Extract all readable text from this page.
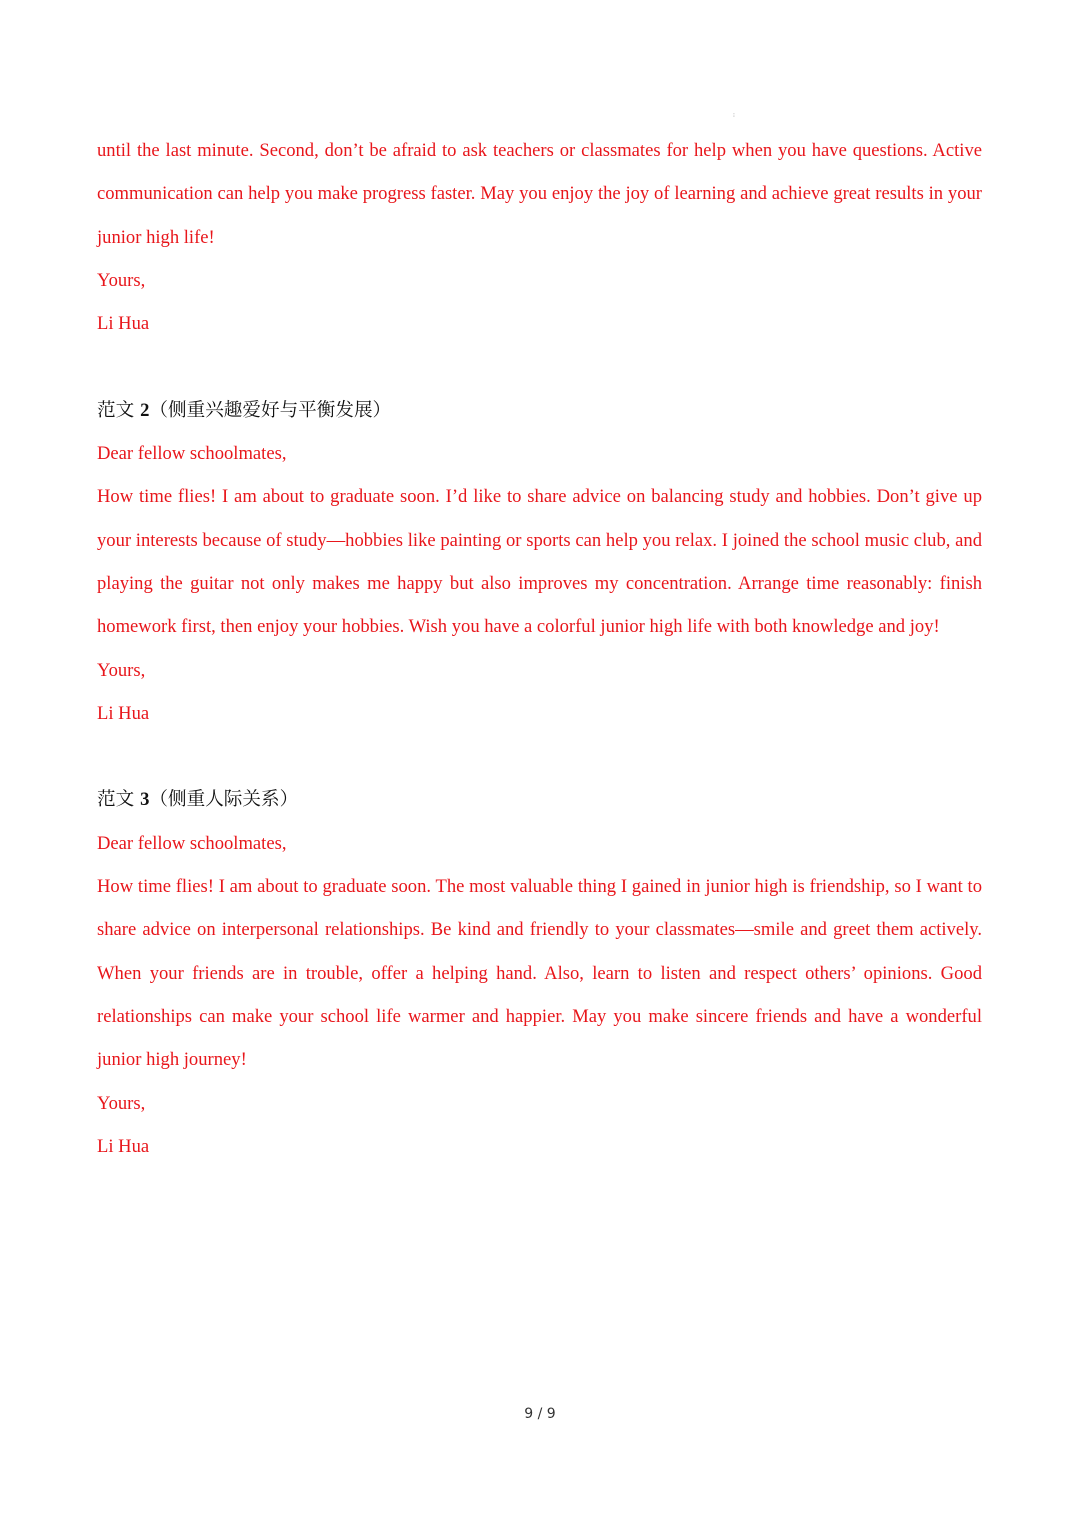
⁝

until the last minute. Second, don’t be afraid to ask teachers or classmates for help when you have questions. Active communication can help you make progress faster. May you enjoy the joy of learning and achieve great results in your junior high life!

Yours,

Li Hua

范文 2（侧重兴趣爱好与平衡发展）

Dear fellow schoolmates,

How time flies! I am about to graduate soon. I’d like to share advice on balancing study and hobbies. Don’t give up your interests because of study—hobbies like painting or sports can help you relax. I joined the school music club, and playing the guitar not only makes me happy but also improves my concentration. Arrange time reasonably: finish homework first, then enjoy your hobbies. Wish you have a colorful junior high life with both knowledge and joy!

Yours,

Li Hua

范文 3（侧重人际关系）

Dear fellow schoolmates,

How time flies! I am about to graduate soon. The most valuable thing I gained in junior high is friendship, so I want to share advice on interpersonal relationships. Be kind and friendly to your classmates—smile and greet them actively. When your friends are in trouble, offer a helping hand. Also, learn to listen and respect others’ opinions. Good relationships can make your school life warmer and happier. May you make sincere friends and have a wonderful junior high journey!

Yours,

Li Hua

9 / 9
